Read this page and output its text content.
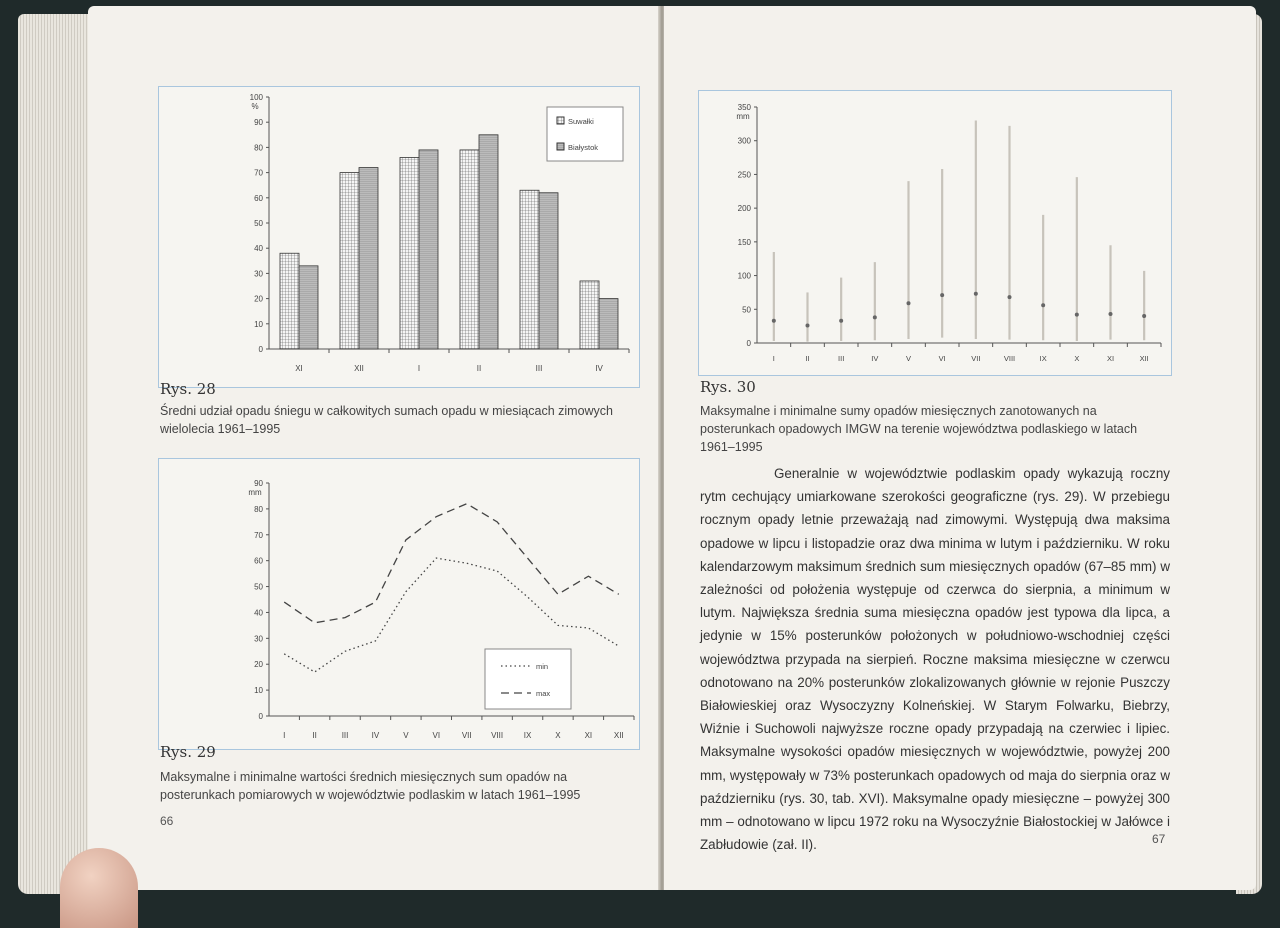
0
10
20
30
40
50
60
70
80
90
100
%
XI	XII	I	II	III	IV
Suwałki
Białystok
Rys. 28
Średni udział opadu śniegu w całkowitych sumach opadu w miesiącach zimowych wielolecia 1961–1995
0
10
20
30
40
50
60
70
80
90
mm
I	II	III	IV	V	VI	VII VIII	IX	X	XI	XII
min
max
Rys. 29
Maksymalne i minimalne wartości średnich miesięcznych sum opadów na posterunkach pomiarowych w województwie podlaskim w latach 1961–1995
66
0
50
100
150
200
250
300
350
mm
I	II	III	IV	V	VI	VII	VIII	IX	X	XI	XII
Rys. 30
Maksymalne i minimalne sumy opadów miesięcznych zanotowanych na posterunkach opadowych IMGW na terenie województwa podlaskiego w latach 1961–1995

Generalnie w województwie podlaskim opady wykazują roczny rytm cechujący umiarkowane szerokości geograficzne (rys. 29). W przebiegu rocznym opady letnie przeważają nad zimowymi. Występują dwa maksima opadowe w lipcu i listopadzie oraz dwa minima w lutym i październiku. W roku kalendarzowym maksimum średnich sum miesięcznych opadów (67–85 mm) w zależności od położenia występuje od czerwca do sierpnia, a minimum w lutym. Największa średnia suma miesięczna opadów jest typowa dla lipca, a jedynie w 15% posterunków położonych w południowo-wschodniej części województwa przypada na sierpień. Roczne maksima miesięczne w czerwcu odnotowano na 20% posterunków zlokalizowanych głównie w rejonie Puszczy Białowieskiej oraz Wysoczyzny Kolneńskiej. W Starym Folwarku, Biebrzy, Wiźnie i Suchowoli najwyższe roczne opady przypadają na czerwiec i lipiec. Maksymalne wysokości opadów miesięcznych w województwie, powyżej 200 mm, występowały w 73% posterunkach opadowych od maja do sierpnia oraz w październiku (rys. 30, tab. XVI). Maksymalne opady miesięczne – powyżej 300 mm – odnotowano w lipcu 1972 roku na Wysoczyźnie Białostockiej w Jałówce i Zabłudowie (zał. II).	67
